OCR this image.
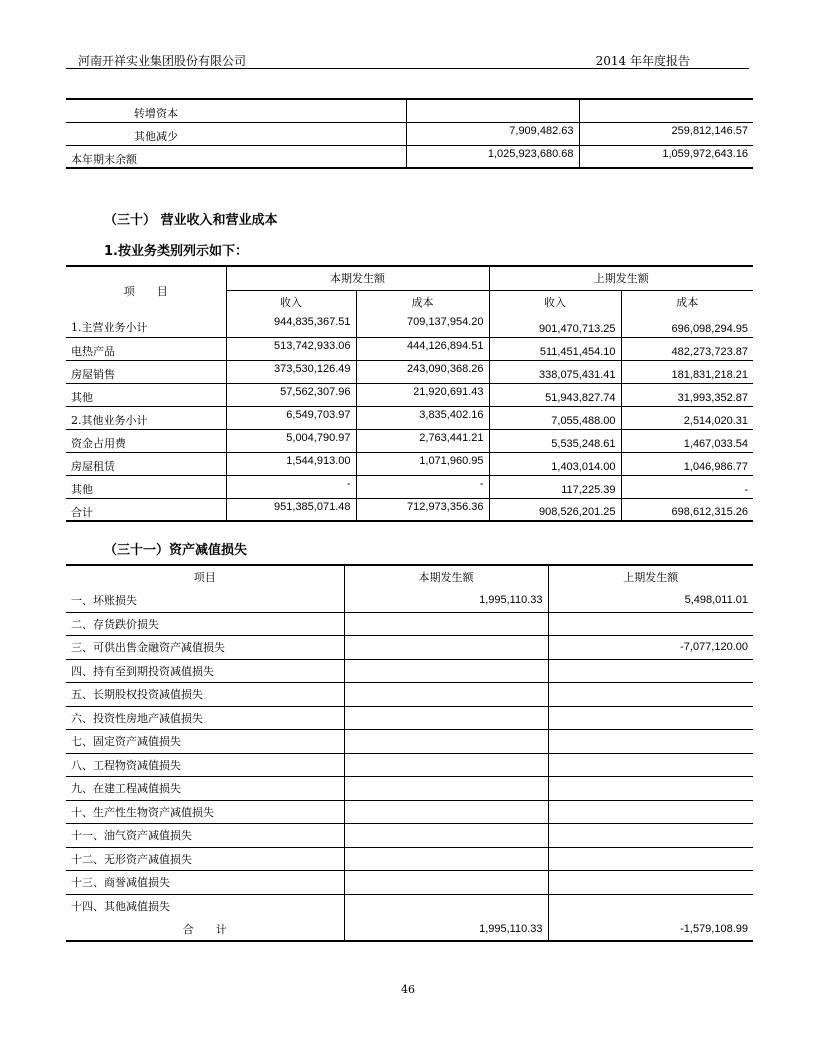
河南开祥实业集团股份有限公司	2014 年年度报告
转增资本		
其他减少	7,909,482.63	259,812,146.57
本年期末余额	1,025,923,680.68	1,059,972,643.16
（三十） 营业收入和营业成本
1.按业务类别列示如下：
项　　目	本期发生额		上期发生额	
	收入	成本	收入	成本
1.主营业务小计	944,835,367.51	709,137,954.20	901,470,713.25	696,098,294.95
电热产品	513,742,933.06	444,126,894.51	511,451,454.10	482,273,723.87
房屋销售	373,530,126.49	243,090,368.26	338,075,431.41	181,831,218.21
其他	57,562,307.96	21,920,691.43	51,943,827.74	31,993,352.87
2.其他业务小计	6,549,703.97	3,835,402.16	7,055,488.00	2,514,020.31
资金占用费	5,004,790.97	2,763,441.21	5,535,248.61	1,467,033.54
房屋租赁	1,544,913.00	1,071,960.95	1,403,014.00	1,046,986.77
其他	-	-	117,225.39	-
合计	951,385,071.48	712,973,356.36	908,526,201.25	698,612,315.26
（三十一）资产减值损失
项目	本期发生额	上期发生额
一、坏账损失	1,995,110.33	5,498,011.01
二、存货跌价损失		
三、可供出售金融资产减值损失		-7,077,120.00
四、持有至到期投资减值损失		
五、长期股权投资减值损失		
六、投资性房地产减值损失		
七、固定资产减值损失		
八、工程物资减值损失		
九、在建工程减值损失		
十、生产性生物资产减值损失		
十一、油气资产减值损失		
十二、无形资产减值损失		
十三、商誉减值损失		
十四、其他减值损失		
合　　计	1,995,110.33	-1,579,108.99
46
